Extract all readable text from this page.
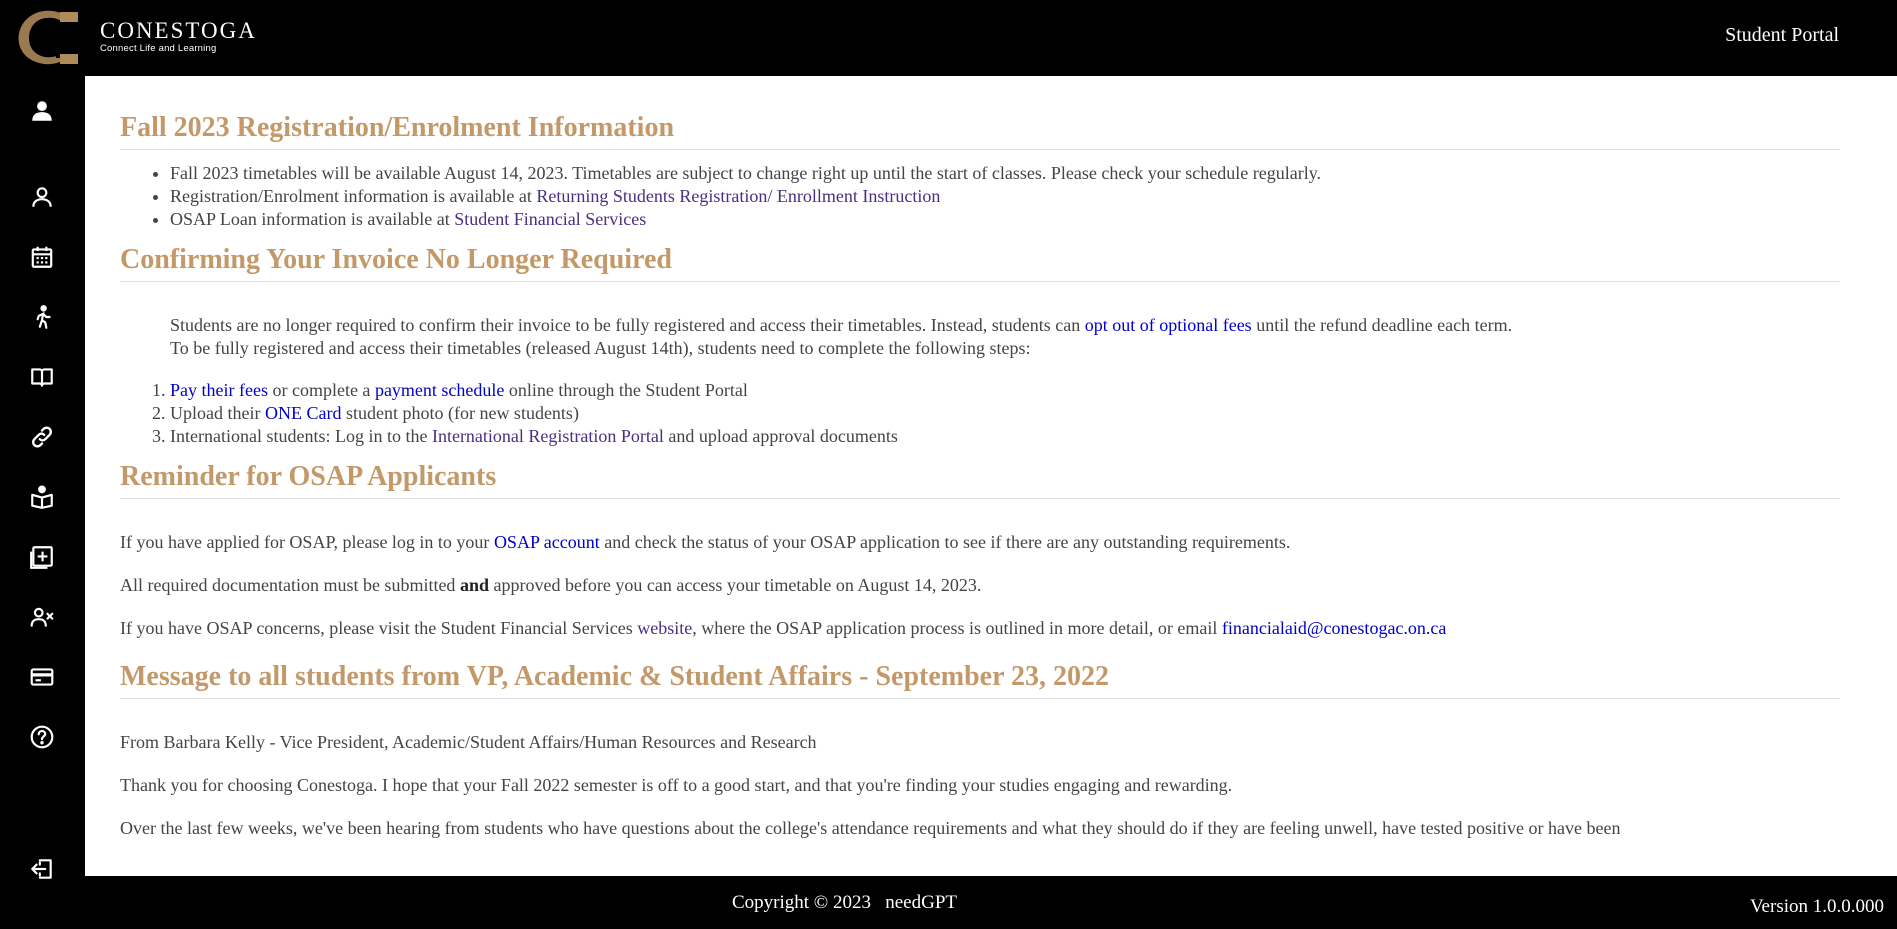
CONESTOGA
Connect Life and Learning
Student Portal
Fall 2023 Registration/Enrolment Information
• Fall 2023 timetables will be available August 14, 2023. Timetables are subject to change right up until the start of classes. Please check your schedule regularly.
• Registration/Enrolment information is available at Returning Students Registration/ Enrollment Instruction
• OSAP Loan information is available at Student Financial Services
Confirming Your Invoice No Longer Required

Students are no longer required to confirm their invoice to be fully registered and access their timetables. Instead, students can opt out of optional fees until the refund deadline each term.

To be fully registered and access their timetables (released August 14th), students need to complete the following steps:

1. Pay their fees or complete a payment schedule online through the Student Portal
2. Upload their ONE Card student photo (for new students)
3. International students: Log in to the International Registration Portal and upload approval documents
Reminder for OSAP Applicants

If you have applied for OSAP, please log in to your OSAP account and check the status of your OSAP application to see if there are any outstanding requirements.

All required documentation must be submitted and approved before you can access your timetable on August 14, 2023.

If you have OSAP concerns, please visit the Student Financial Services website, where the OSAP application process is outlined in more detail, or email financialaid@conestogac.on.ca

Message to all students from VP, Academic & Student Affairs - September 23, 2022

From Barbara Kelly - Vice President, Academic/Student Affairs/Human Resources and Research

Thank you for choosing Conestoga. I hope that your Fall 2022 semester is off to a good start, and that you're finding your studies engaging and rewarding.

Over the last few weeks, we've been hearing from students who have questions about the college's attendance requirements and what they should do if they are feeling unwell, have tested positive or have been

Copyright © 2023   needGPT	Version 1.0.0.000
